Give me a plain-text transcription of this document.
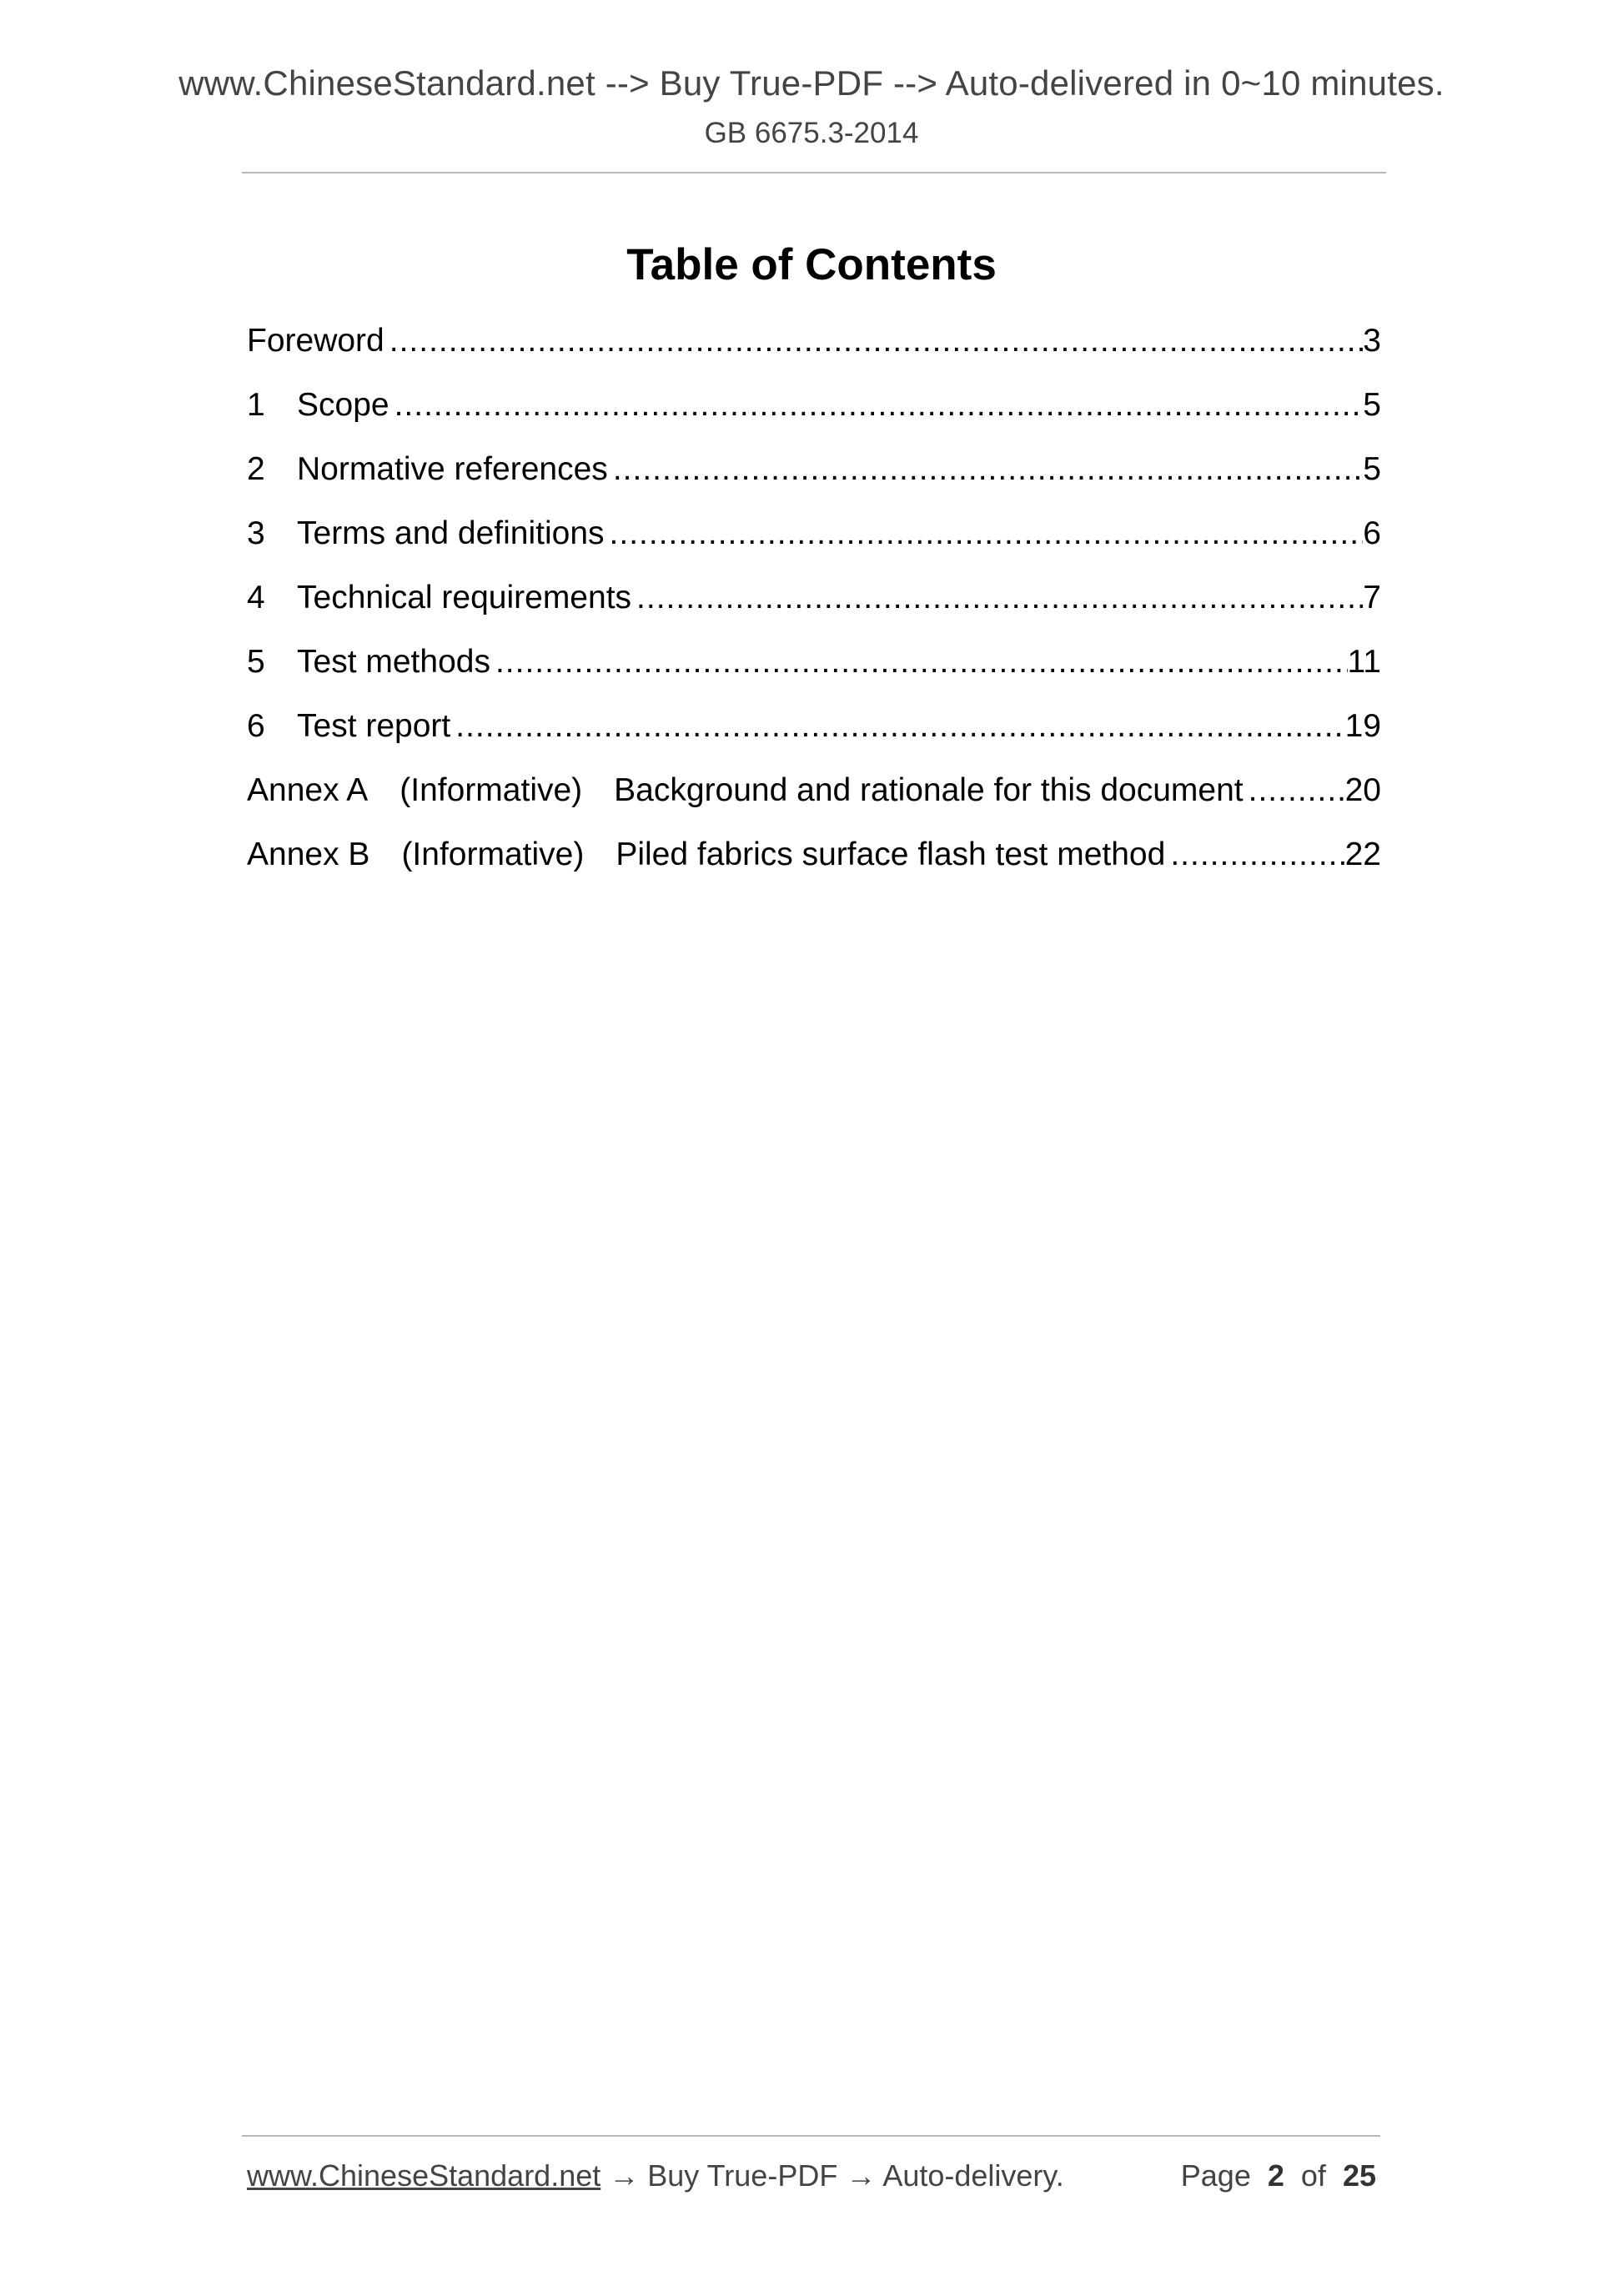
www.ChineseStandard.net --> Buy True-PDF --> Auto-delivered in 0~10 minutes.
GB 6675.3-2014
Table of Contents
Foreword .....	3
1 Scope .....	5
2 Normative references .....	5
3 Terms and definitions .....	6
4 Technical requirements .....	7
5 Test methods .....	11
6 Test report .....	19
Annex A (Informative) Background and rationale for this document .....	20
Annex B (Informative) Piled fabrics surface flash test method .....	22
www.ChineseStandard.net → Buy True-PDF → Auto-delivery.	Page 2 of 25
